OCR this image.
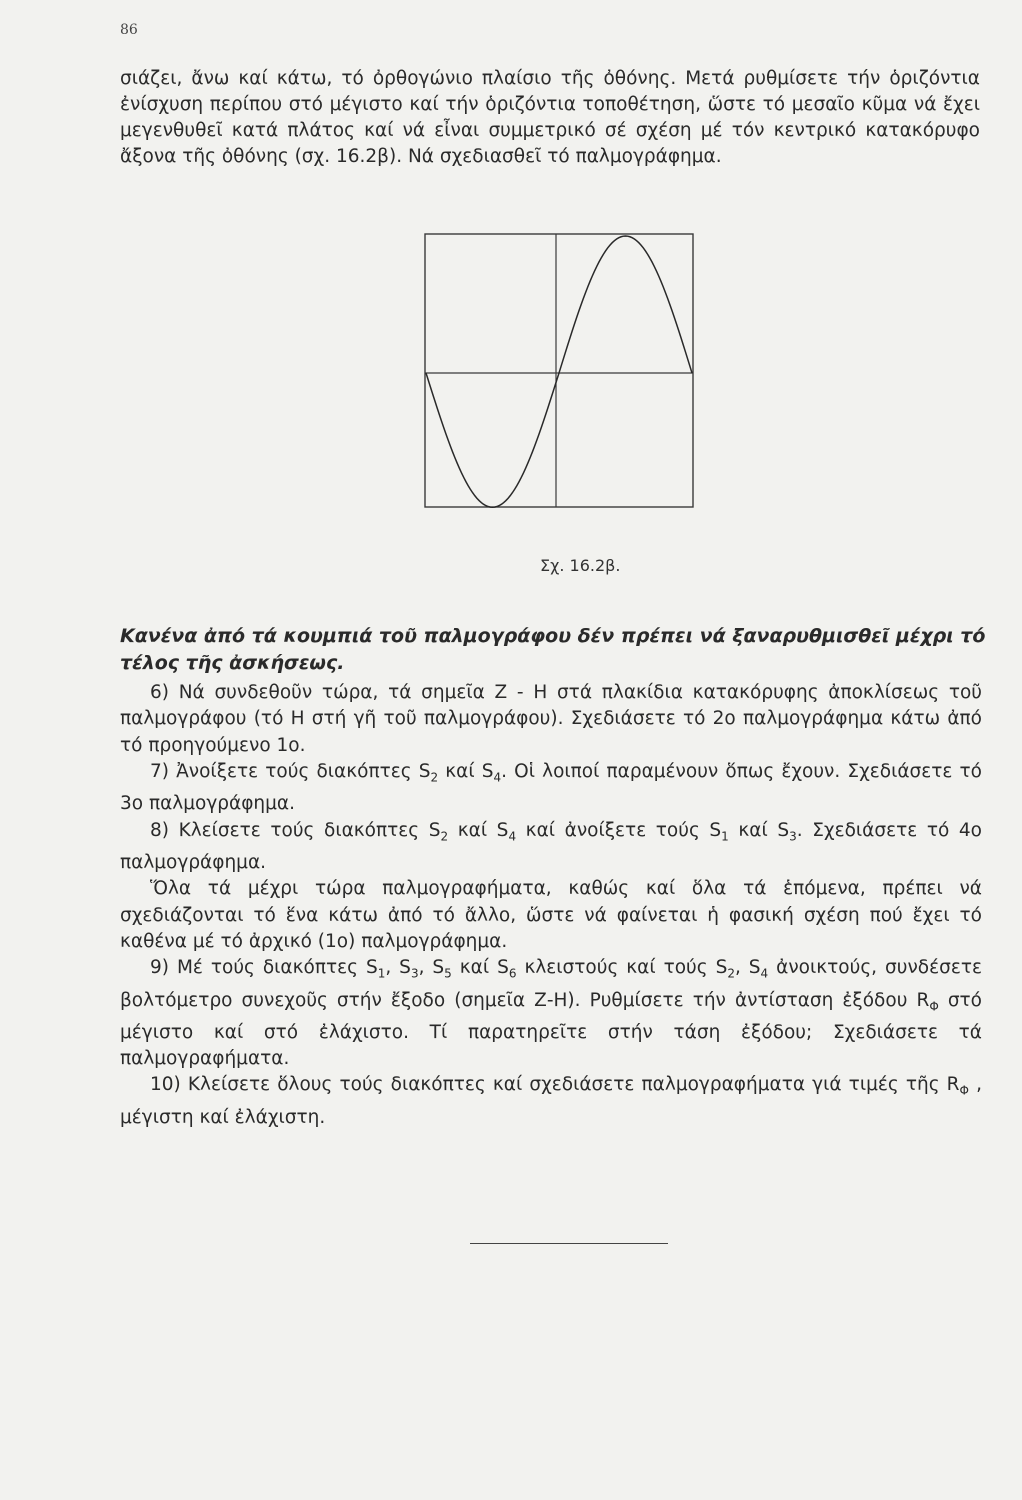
86

σιάζει, ἄνω καί κάτω, τό ὀρθογώνιο πλαίσιο τῆς ὀθόνης. Μετά ρυθμίσετε τήν ὁριζόντια ἐνίσχυση περίπου στό μέγιστο καί τήν ὁριζόντια τοποθέτηση, ὥστε τό μεσαῖο κῦμα νά ἔχει μεγενθυθεῖ κατά πλάτος καί νά εἶναι συμμετρικό σέ σχέση μέ τόν κεντρικό κατακόρυφο ἄξονα τῆς ὀθόνης (σχ. 16.2β). Νά σχεδιασθεῖ τό παλμογράφημα.

Σχ. 16.2β.

Κανένα ἀπό τά κουμπιά τοῦ παλμογράφου δέν πρέπει νά ξαναρυθμισθεῖ μέχρι τό τέλος τῆς ἀσκήσεως.

6) Νά συνδεθοῦν τώρα, τά σημεῖα Ζ - Η στά πλακίδια κατακόρυφης ἀποκλίσεως τοῦ παλμογράφου (τό Η στή γῆ τοῦ παλμογράφου). Σχεδιάσετε τό 2ο παλμογράφημα κάτω ἀπό τό προηγούμενο 1ο.

7) Ἀνοίξετε τούς διακόπτες $S_2$ καί $S_4$. Οἱ λοιποί παραμένουν ὅπως ἔχουν. Σχεδιάσετε τό 3ο παλμογράφημα.

8) Κλείσετε τούς διακόπτες $S_2$ καί $S_4$ καί ἀνοίξετε τούς $S_1$ καί $S_3$. Σχεδιάσετε τό 4ο παλμογράφημα.

Ὅλα τά μέχρι τώρα παλμογραφήματα, καθώς καί ὅλα τά ἑπόμενα, πρέπει νά σχεδιάζονται τό ἕνα κάτω ἀπό τό ἄλλο, ὥστε νά φαίνεται ἡ φασική σχέση πού ἔχει τό καθένα μέ τό ἀρχικό (1ο) παλμογράφημα.

9) Μέ τούς διακόπτες $S_1$, $S_3$, $S_5$ καί $S_6$ κλειστούς καί τούς $S_2$, $S_4$ ἀνοικτούς, συνδέσετε βολτόμετρο συνεχοῦς στήν ἔξοδο (σημεῖα Ζ-Η). Ρυθμίσετε τήν ἀντίσταση ἐξόδου $R_\Phi$ στό μέγιστο καί στό ἐλάχιστο. Τί παρατηρεῖτε στήν τάση ἐξόδου; Σχεδιάσετε τά παλμογραφήματα.

10) Κλείσετε ὅλους τούς διακόπτες καί σχεδιάσετε παλμογραφήματα γιά τιμές τῆς $R_\Phi$ , μέγιστη καί ἐλάχιστη.
